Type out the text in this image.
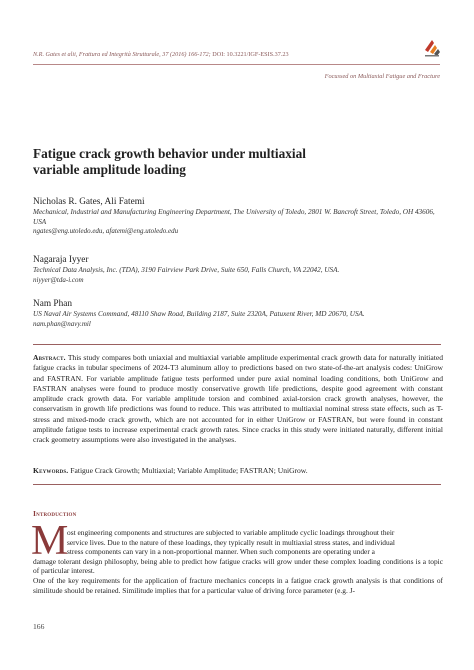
N.R. Gates et alii, Frattura ed Integrità Strutturale, 37 (2016) 166-172; DOI: 10.3221/IGF-ESIS.37.23
Focussed on Multiaxial Fatigue and Fracture
Fatigue crack growth behavior under multiaxial variable amplitude loading
Nicholas R. Gates, Ali Fatemi
Mechanical, Industrial and Manufacturing Engineering Department, The University of Toledo, 2801 W. Bancroft Street, Toledo, OH 43606, USA
ngates@eng.utoledo.edu, afatemi@eng.utoledo.edu
Nagaraja Iyyer
Technical Data Analysis, Inc. (TDA), 3190 Fairview Park Drive, Suite 650, Falls Church, VA 22042, USA.
niyyer@tda-i.com
Nam Phan
US Naval Air Systems Command, 48110 Shaw Road, Building 2187, Suite 2320A, Patuxent River, MD 20670, USA.
nam.phan@navy.mil

Abstract. This study compares both uniaxial and multiaxial variable amplitude experimental crack growth data for naturally initiated fatigue cracks in tubular specimens of 2024-T3 aluminum alloy to predictions based on two state-of-the-art analysis codes: UniGrow and FASTRAN. For variable amplitude fatigue tests performed under pure axial nominal loading conditions, both UniGrow and FASTRAN analyses were found to produce mostly conservative growth life predictions, despite good agreement with constant amplitude crack growth data. For variable amplitude torsion and combined axial-torsion crack growth analyses, however, the conservatism in growth life predictions was found to reduce. This was attributed to multiaxial nominal stress state effects, such as T-stress and mixed-mode crack growth, which are not accounted for in either UniGrow or FASTRAN, but were found in constant amplitude fatigue tests to increase experimental crack growth rates. Since cracks in this study were initiated naturally, different initial crack geometry assumptions were also investigated in the analyses.

Keywords. Fatigue Crack Growth; Multiaxial; Variable Amplitude; FASTRAN; UniGrow.

Introduction
M
ost engineering components and structures are subjected to variable amplitude cyclic loadings throughout their
service lives. Due to the nature of these loadings, they typically result in multiaxial stress states, and individual
stress components can vary in a non-proportional manner. When such components are operating under a
damage tolerant design philosophy, being able to predict how fatigue cracks will grow under these complex loading conditions is a topic of particular interest.
One of the key requirements for the application of fracture mechanics concepts in a fatigue crack growth analysis is that conditions of similitude should be retained. Similitude implies that for a particular value of driving force parameter (e.g. J-
166
